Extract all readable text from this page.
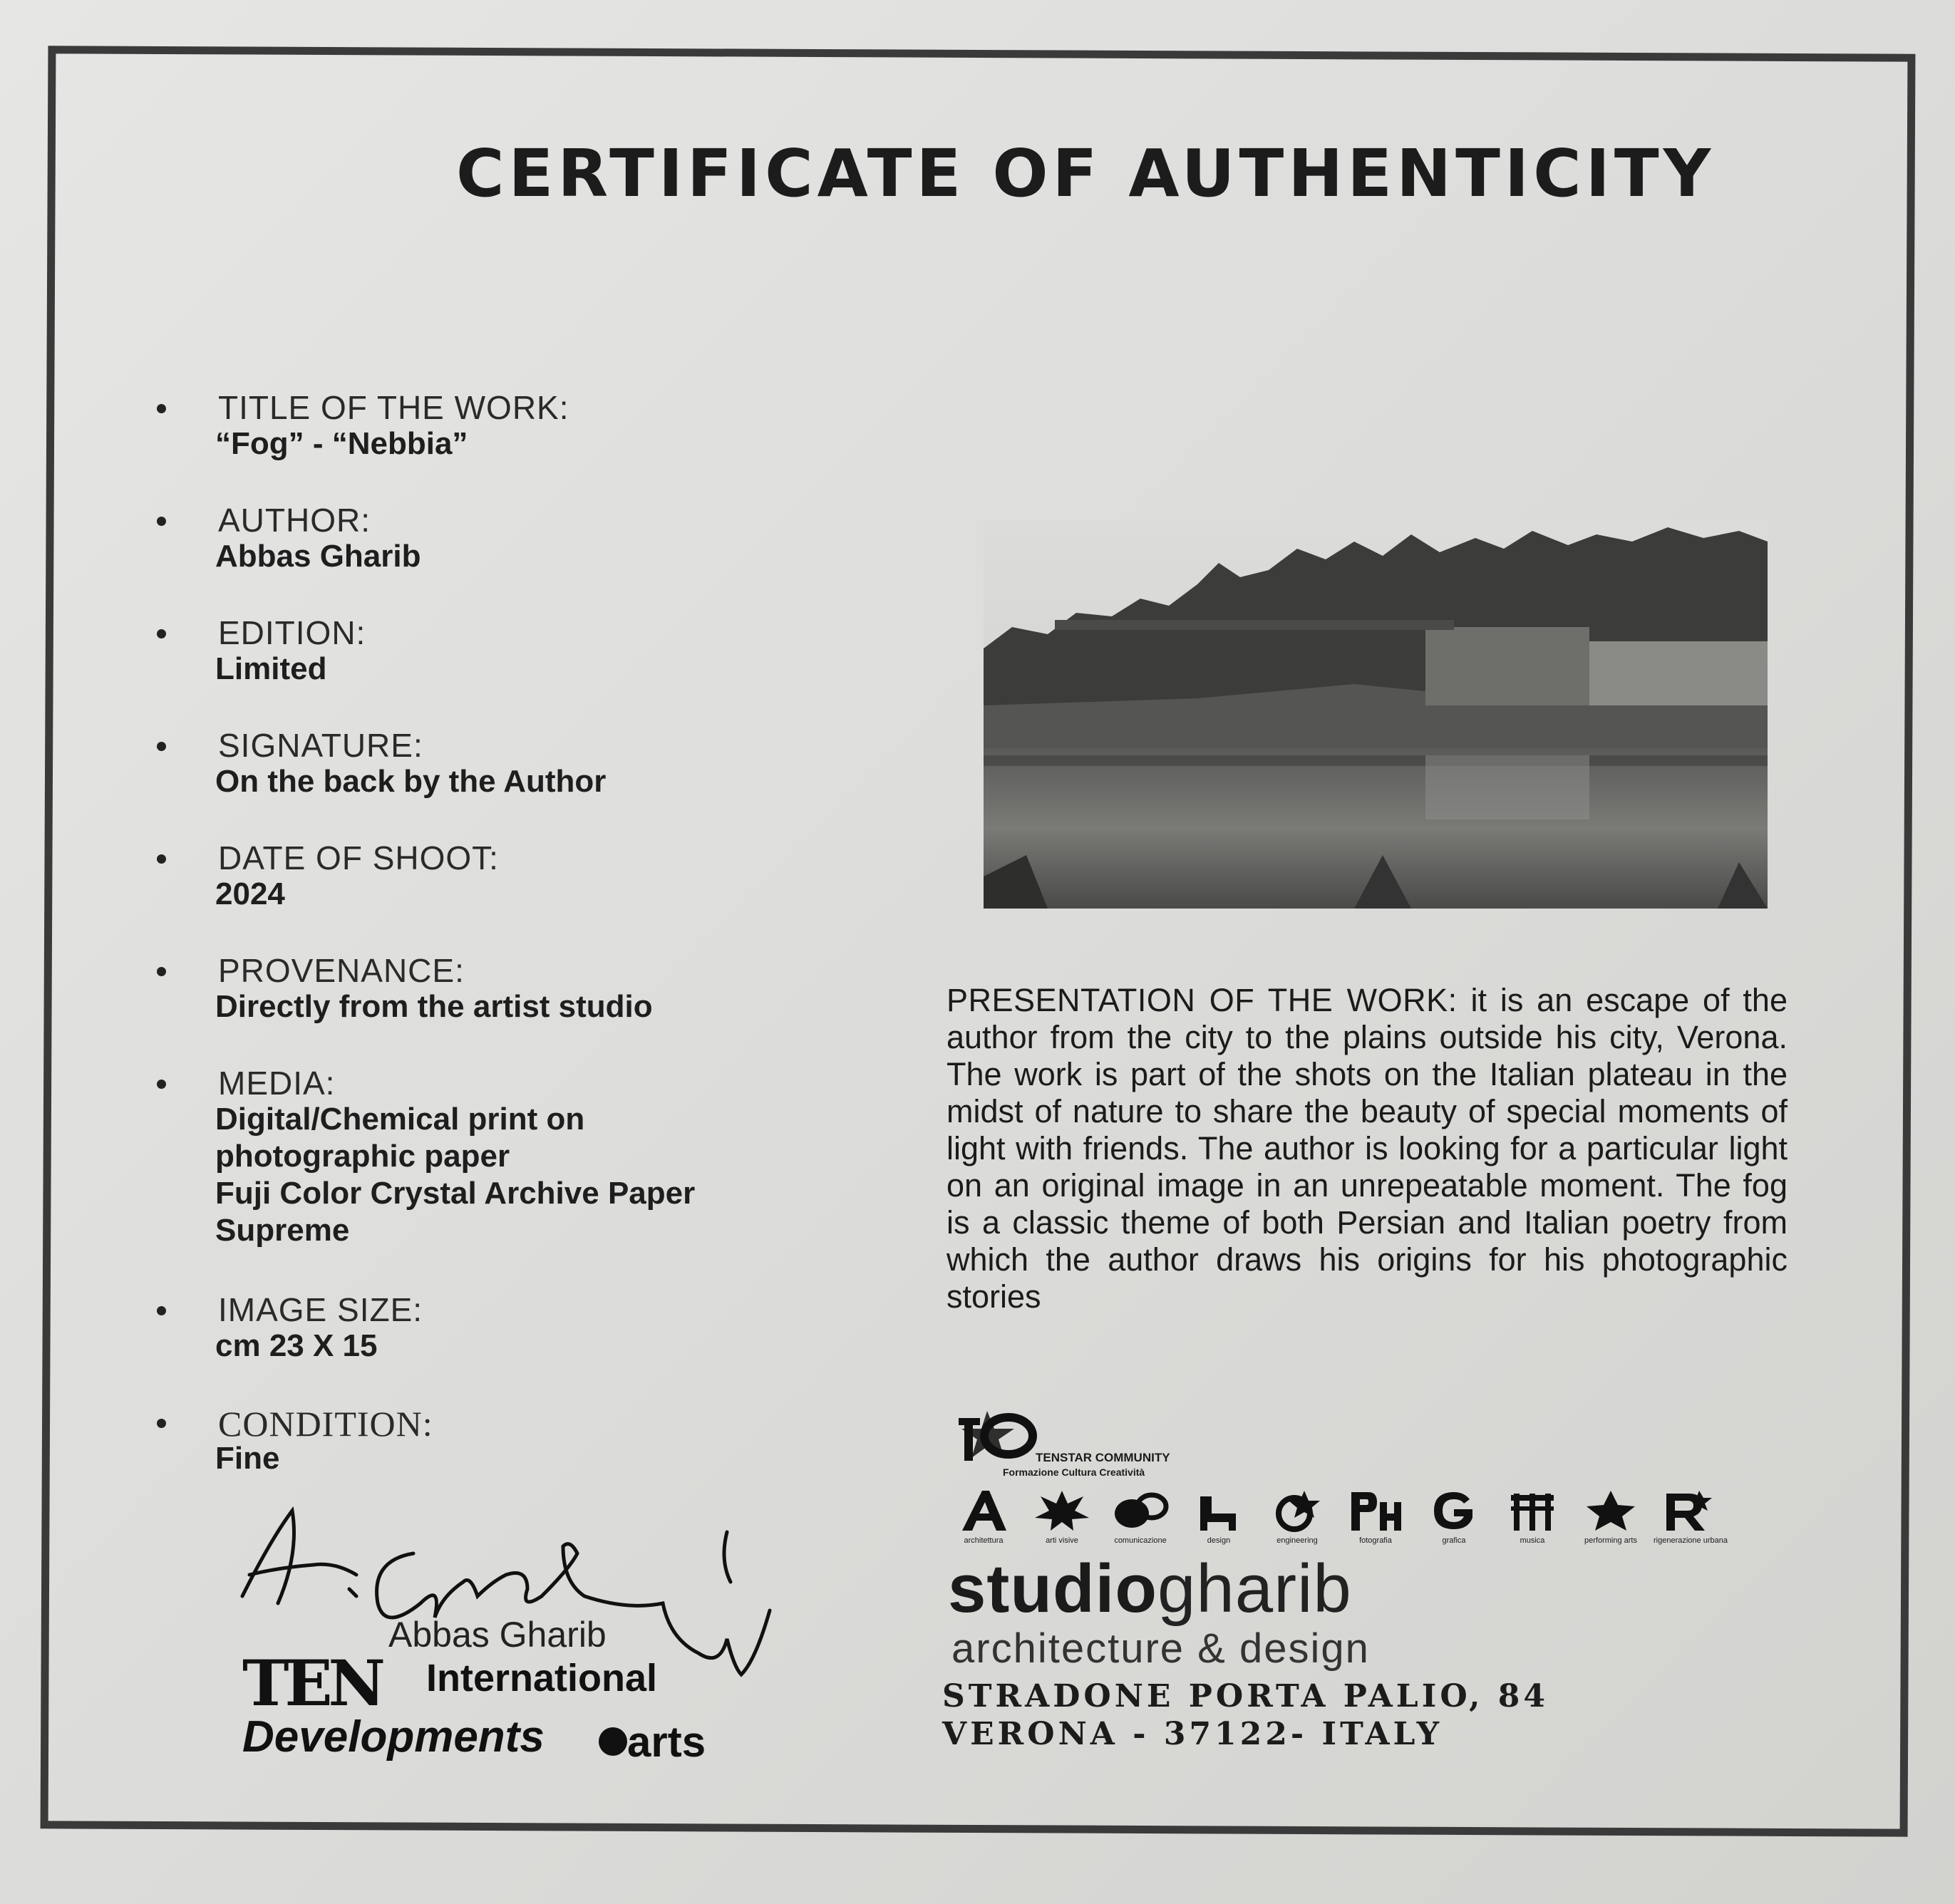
CERTIFICATE OF AUTHENTICITY
TITLE OF THE WORK:
“Fog” - “Nebbia”
AUTHOR:
Abbas Gharib
EDITION:
Limited
SIGNATURE:
On the back by the Author
DATE OF SHOOT:
2024
PROVENANCE:
Directly from the artist studio
MEDIA:
Digital/Chemical print on
photographic paper
Fuji Color Crystal Archive Paper
Supreme
IMAGE SIZE:
cm 23 X 15
CONDITION:
Fine
PRESENTATION OF THE WORK: it is an escape of the author from the city to the plains outside his city, Verona. The work is part of the shots on the Italian plateau in the midst of nature to share the beauty of special moments of light with friends. The author is looking for a particular light on an original image in an unrepeatable moment. The fog is a classic theme of both Persian and Italian poetry from which the author draws his origins for his photographic stories
TENSTAR COMMUNITY
Formazione Cultura Creatività
architettura	arti visive	comunicazione	design	engineering	fotografia	grafica	musica	performing arts	rigenerazione urbana
studiogharib
architecture & design
STRADONE PORTA PALIO, 84
VERONA - 37122- ITALY
Abbas Gharib
TEN International
Developments arts
